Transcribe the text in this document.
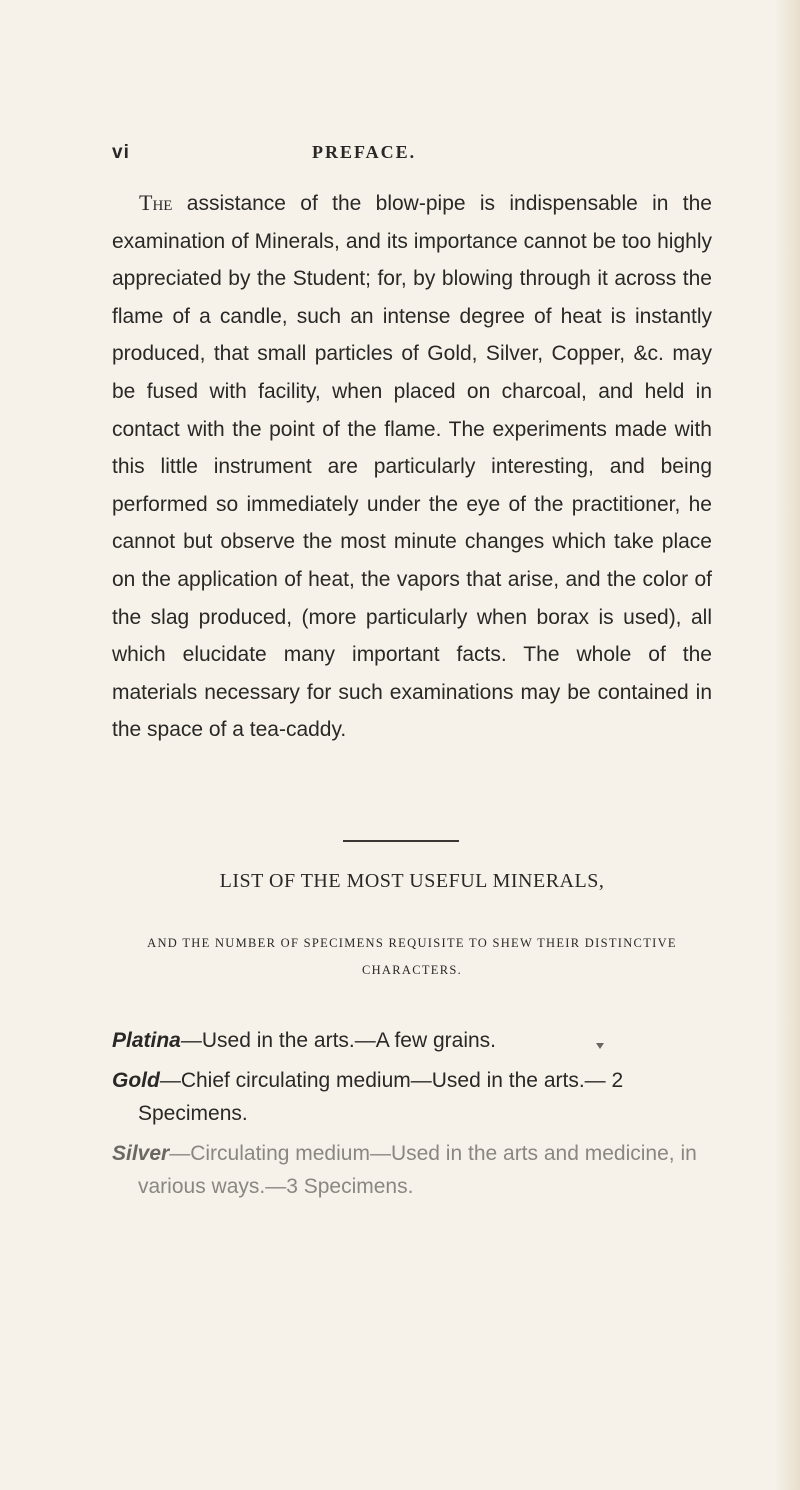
vi	PREFACE.

The assistance of the blow-pipe is indispensable in the examination of Minerals, and its importance cannot be too highly appreciated by the Student; for, by blowing through it across the flame of a candle, such an intense degree of heat is instantly produced, that small particles of Gold, Silver, Copper, &c. may be fused with facility, when placed on charcoal, and held in contact with the point of the flame. The experiments made with this little instrument are particularly interesting, and being performed so immediately under the eye of the practitioner, he cannot but observe the most minute changes which take place on the application of heat, the vapors that arise, and the color of the slag produced, (more particularly when borax is used), all which elucidate many important facts. The whole of the materials necessary for such examinations may be contained in the space of a tea-caddy.

LIST OF THE MOST USEFUL MINERALS,

AND THE NUMBER OF SPECIMENS REQUISITE TO SHEW THEIR DISTINCTIVE CHARACTERS.

Platina—Used in the arts.—A few grains.
Gold—Chief circulating medium—Used in the arts.— 2 Specimens.
Silver—Circulating medium—Used in the arts and medicine, in various ways.—3 Specimens.
